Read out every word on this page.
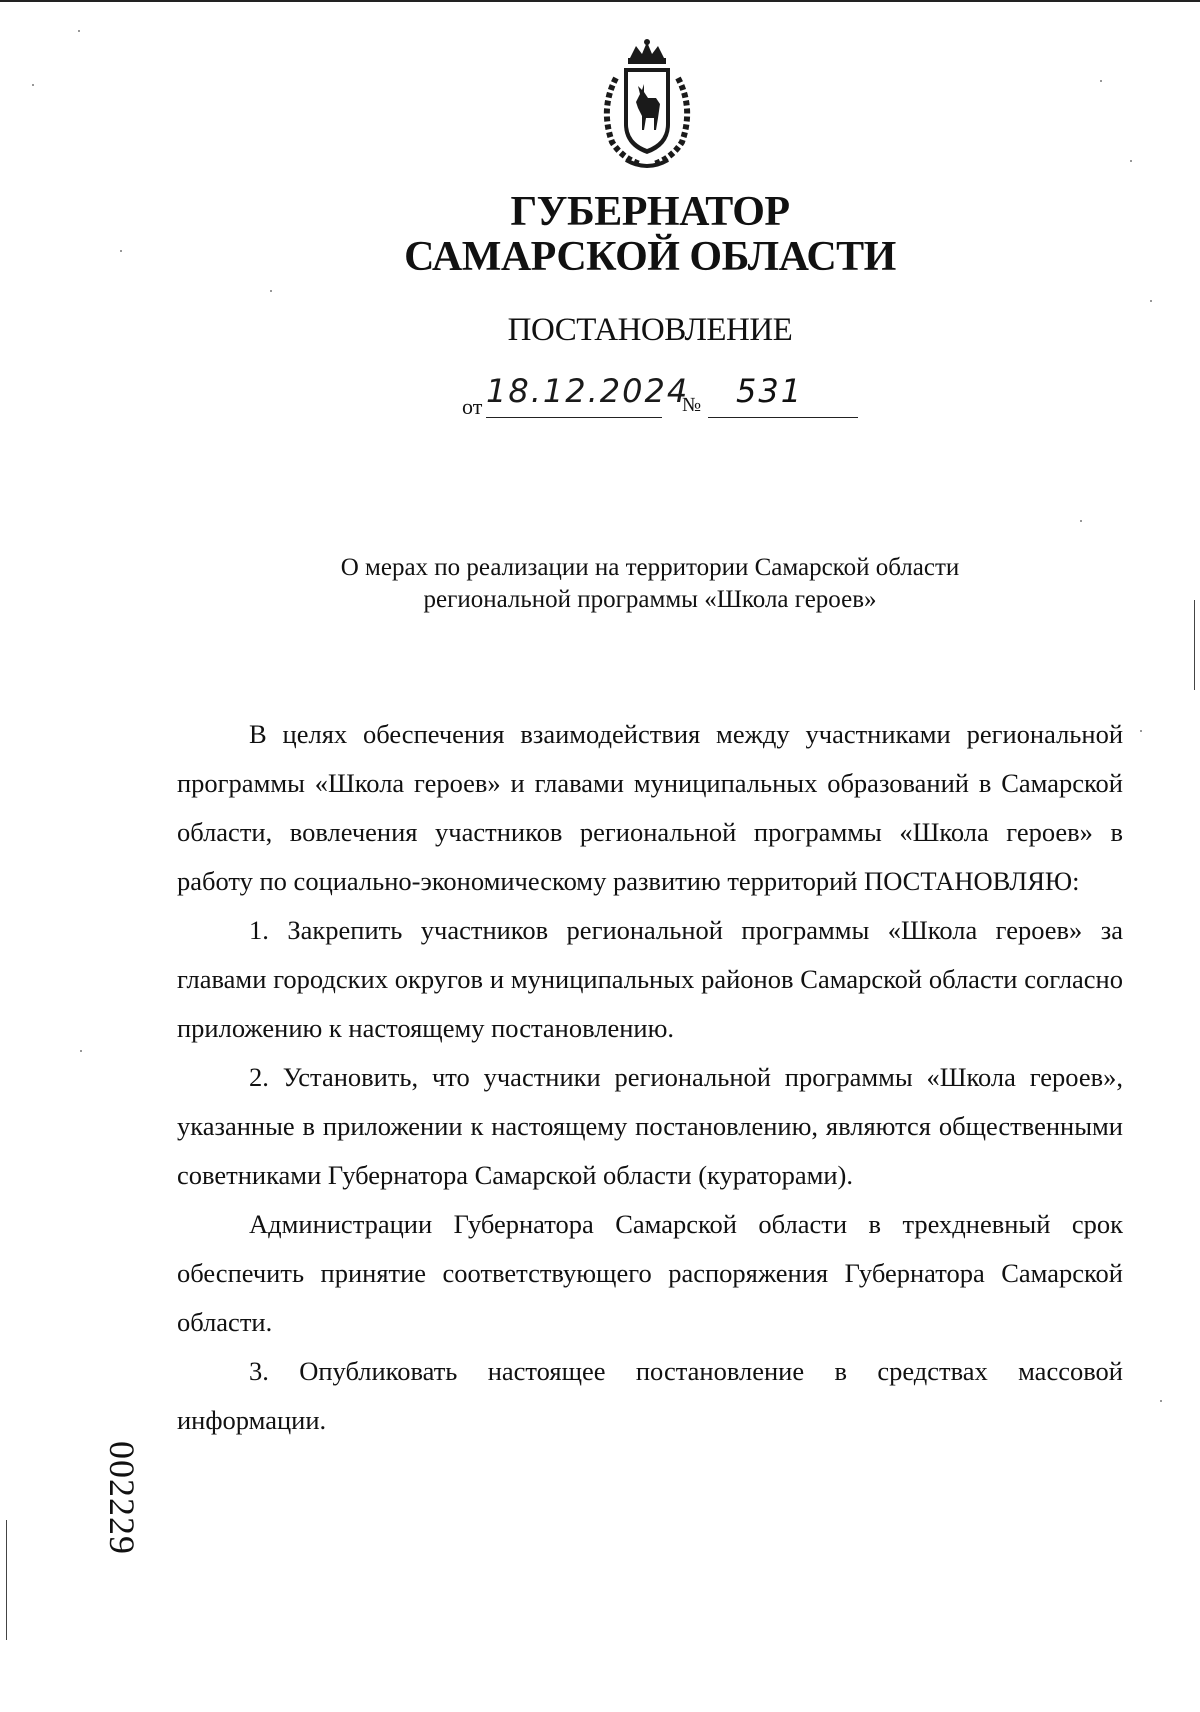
ГУБЕРНАТОР
САМАРСКОЙ ОБЛАСТИ
ПОСТАНОВЛЕНИЕ
от 18.12.2024
№ 531
О мерах по реализации на территории Самарской области
региональной программы «Школа героев»

В целях обеспечения взаимодействия между участниками региональной программы «Школа героев» и главами муниципальных образований в Самарской области, вовлечения участников региональной программы «Школа героев» в работу по социально-экономическому развитию территорий ПОСТАНОВЛЯЮ:

1. Закрепить участников региональной программы «Школа героев» за главами городских округов и муниципальных районов Самарской области согласно приложению к настоящему постановлению.

2. Установить, что участники региональной программы «Школа героев», указанные в приложении к настоящему постановлению, являются общественными советниками Губернатора Самарской области (кураторами).

Администрации Губернатора Самарской области в трехдневный срок обеспечить принятие соответствующего распоряжения Губернатора Самарской области.

3. Опубликовать настоящее постановление в средствах массовой информации.

002229
